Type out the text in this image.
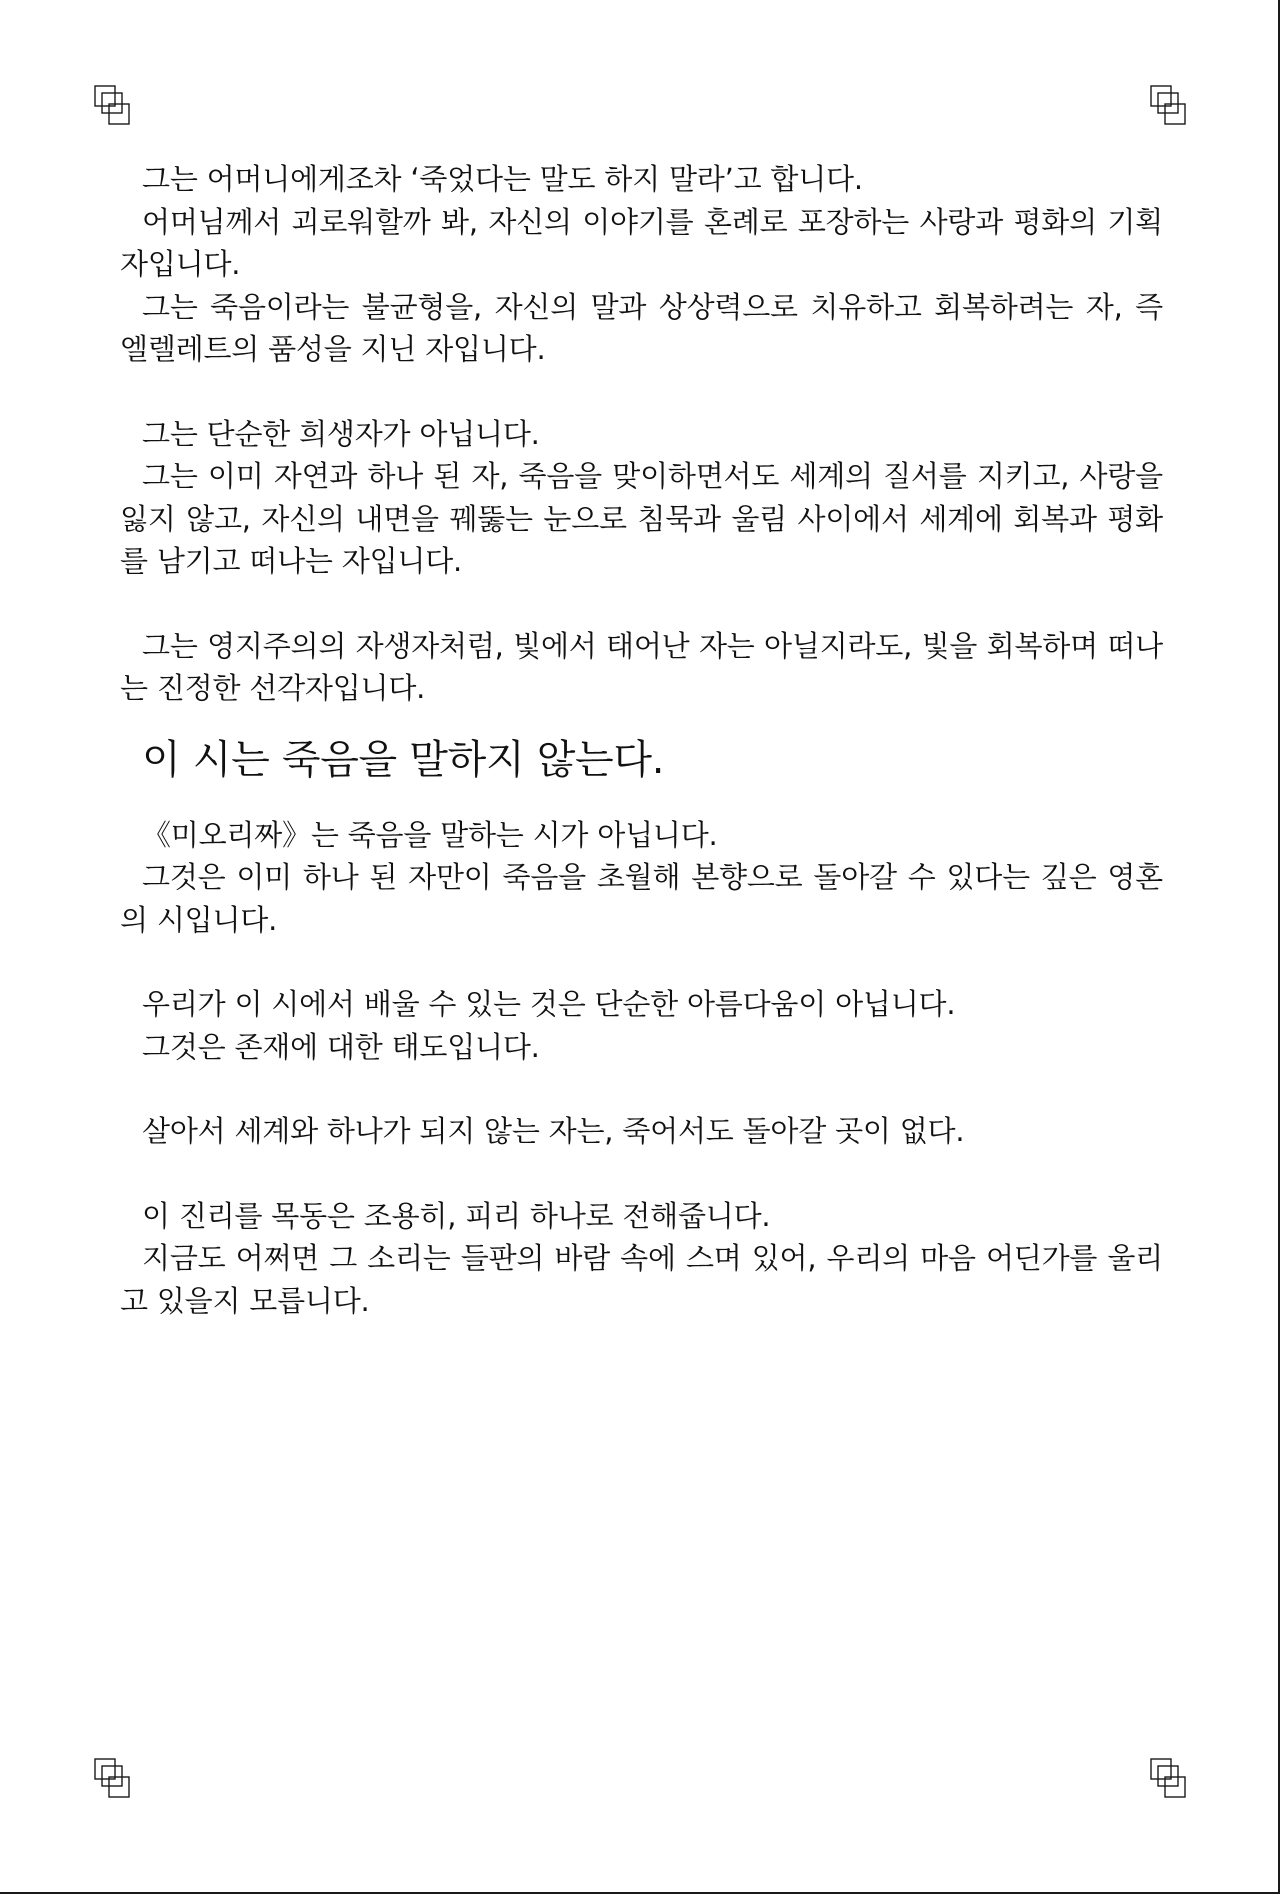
그는 어머니에게조차 ‘죽었다는 말도 하지 말라’고 합니다.

어머님께서 괴로워할까 봐, 자신의 이야기를 혼례로 포장하는 사랑과 평화의 기획자입니다.

그는 죽음이라는 불균형을, 자신의 말과 상상력으로 치유하고 회복하려는 자, 즉 엘렐레트의 품성을 지닌 자입니다.

그는 단순한 희생자가 아닙니다.

그는 이미 자연과 하나 된 자, 죽음을 맞이하면서도 세계의 질서를 지키고, 사랑을 잃지 않고, 자신의 내면을 꿰뚫는 눈으로 침묵과 울림 사이에서 세계에 회복과 평화를 남기고 떠나는 자입니다.

그는 영지주의의 자생자처럼, 빛에서 태어난 자는 아닐지라도, 빛을 회복하며 떠나는 진정한 선각자입니다.

이 시는 죽음을 말하지 않는다.

《미오리짜》는 죽음을 말하는 시가 아닙니다.

그것은 이미 하나 된 자만이 죽음을 초월해 본향으로 돌아갈 수 있다는 깊은 영혼의 시입니다.

우리가 이 시에서 배울 수 있는 것은 단순한 아름다움이 아닙니다.

그것은 존재에 대한 태도입니다.

살아서 세계와 하나가 되지 않는 자는, 죽어서도 돌아갈 곳이 없다.

이 진리를 목동은 조용히, 피리 하나로 전해줍니다.

지금도 어쩌면 그 소리는 들판의 바람 속에 스며 있어, 우리의 마음 어딘가를 울리고 있을지 모릅니다.
